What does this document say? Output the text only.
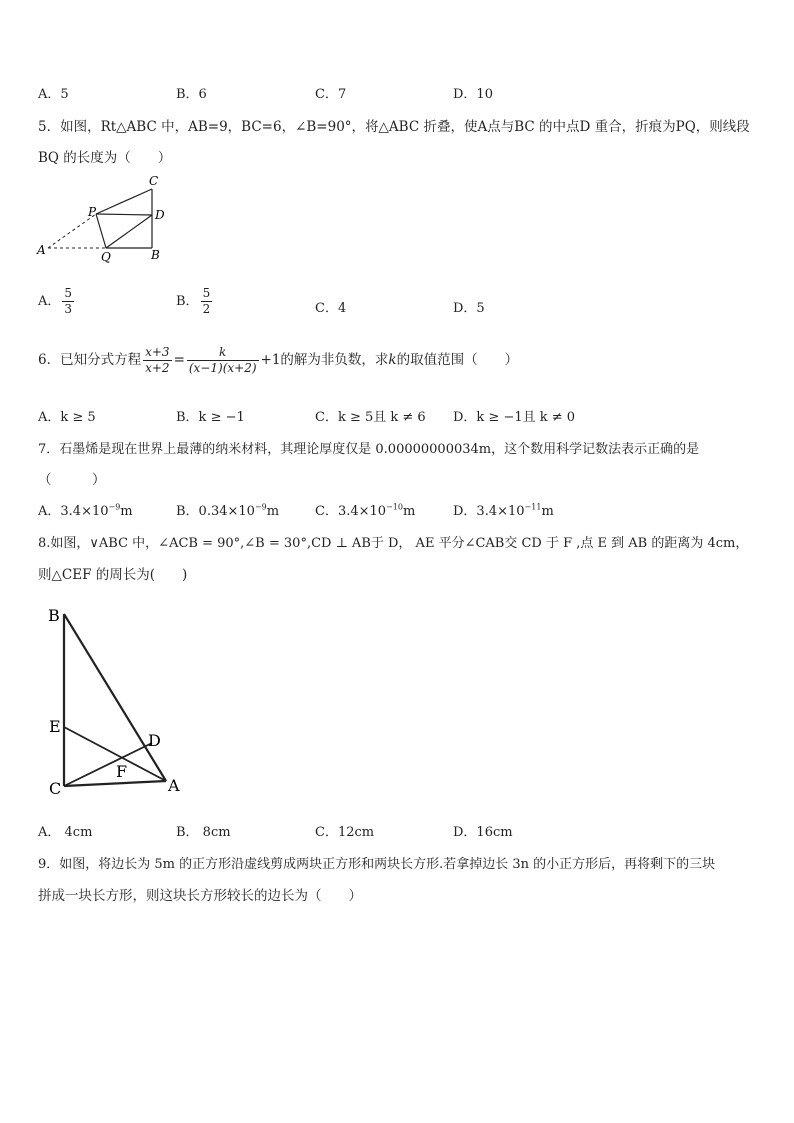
A．5	B．6	C．7	D．10
5．如图，Rt△ABC 中，AB=9，BC=6，∠B=90°，将△ABC 折叠，使A点与BC 的中点D 重合，折痕为PQ，则线段
BQ 的长度为（　　）
C
P	D
A	Q	B
A． $\frac{5}{3}$	B． $\frac{5}{2}$	C．4	D．5
6．已知分式方程 $\frac{x+3}{x+2} = \frac{k}{(x-1)(x+2)} +1$的解为非负数，求k的取值范围（　　）
A．k ≥ 5	B．k ≥ −1	C．k ≥ 5且 k ≠ 6 D．k ≥ −1且 k ≠ 0
7．石墨烯是现在世界上最薄的纳米材料，其理论厚度仅是 0.00000000034m，这个数用科学记数法表示正确的是
（　　　）
A．$3.4\times 10^{-9}m$	B．$0.34\times 10^{-9}m$	C．$3.4\times 10^{-10}m$	D．$3.4\times 10^{-11}m$
8.如图，∨ABC 中，∠ACB = 90°,∠B = 30°,CD ⊥ AB于 D， AE 平分∠CAB交 CD 于 F ,点 E 到 AB 的距离为 4cm，
则△CEF 的周长为(　　)
B
E
D
F
C	A
A． 4cm	B． 8cm	C．12cm	D．16cm
9．如图，将边长为 5m 的正方形沿虚线剪成两块正方形和两块长方形.若拿掉边长 3n 的小正方形后，再将剩下的三块
拼成一块长方形，则这块长方形较长的边长为（　　）
